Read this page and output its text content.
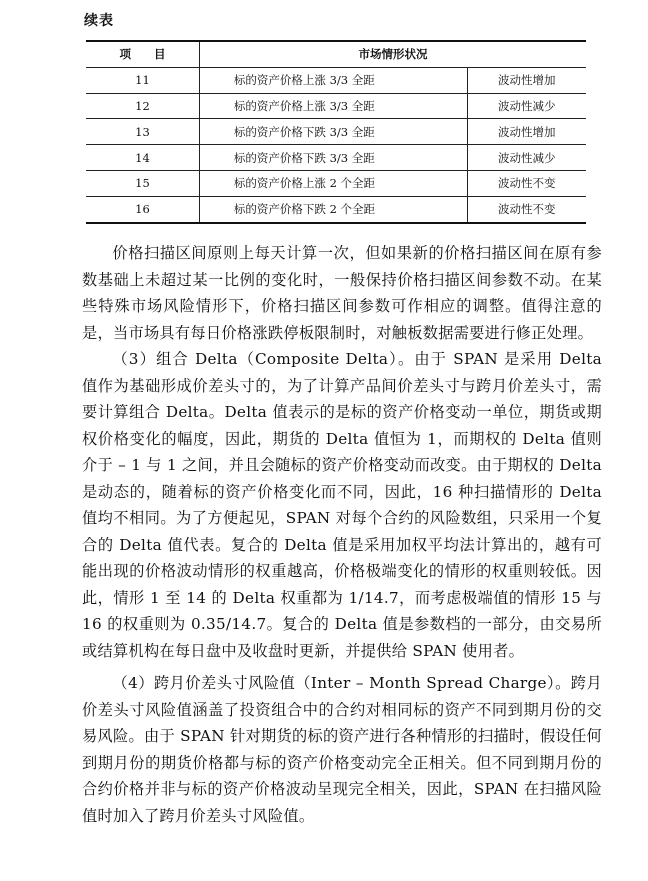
续表
项　　目	市场情形状况	
11	标的资产价格上涨 3/3 全距	波动性增加
12	标的资产价格上涨 3/3 全距	波动性减少
13	标的资产价格下跌 3/3 全距	波动性增加
14	标的资产价格下跌 3/3 全距	波动性减少
15	标的资产价格上涨 2 个全距	波动性不变
16	标的资产价格下跌 2 个全距	波动性不变

价格扫描区间原则上每天计算一次，但如果新的价格扫描区间在原有参数基础上未超过某一比例的变化时，一般保持价格扫描区间参数不动。在某些特殊市场风险情形下，价格扫描区间参数可作相应的调整。值得注意的是，当市场具有每日价格涨跌停板限制时，对触板数据需要进行修正处理。

（3）组合 Delta（Composite Delta）。由于 SPAN 是采用 Delta 值作为基础形成价差头寸的，为了计算产品间价差头寸与跨月价差头寸，需要计算组合 Delta。Delta 值表示的是标的资产价格变动一单位，期货或期权价格变化的幅度，因此，期货的 Delta 值恒为 1，而期权的 Delta 值则介于 – 1 与 1 之间，并且会随标的资产价格变动而改变。由于期权的 Delta 是动态的，随着标的资产价格变化而不同，因此，16 种扫描情形的 Delta 值均不相同。为了方便起见，SPAN 对每个合约的风险数组，只采用一个复合的 Delta 值代表。复合的 Delta 值是采用加权平均法计算出的，越有可能出现的价格波动情形的权重越高，价格极端变化的情形的权重则较低。因此，情形 1 至 14 的 Delta 权重都为 1/14.7，而考虑极端值的情形 15 与 16 的权重则为 0.35/14.7。复合的 Delta 值是参数档的一部分，由交易所或结算机构在每日盘中及收盘时更新，并提供给 SPAN 使用者。

（4）跨月价差头寸风险值（Inter – Month Spread Charge）。跨月价差头寸风险值涵盖了投资组合中的合约对相同标的资产不同到期月份的交易风险。由于 SPAN 针对期货的标的资产进行各种情形的扫描时，假设任何到期月份的期货价格都与标的资产价格变动完全正相关。但不同到期月份的合约价格并非与标的资产价格波动呈现完全相关，因此，SPAN 在扫描风险值时加入了跨月价差头寸风险值。
